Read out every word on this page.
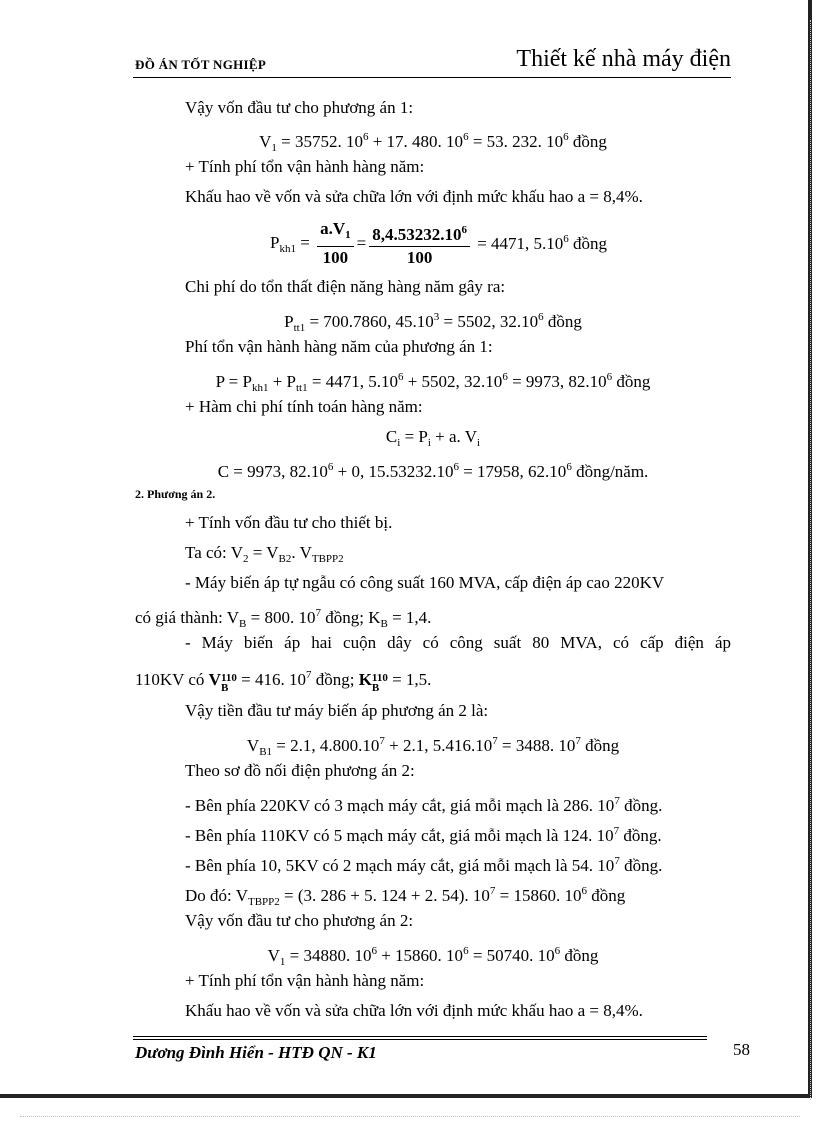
ĐỒ ÁN TỐT NGHIỆP	Thiết kế nhà máy điện
Vậy vốn đầu tư cho phương án 1:
$V_1 = 35752$. $10^6 + 17$. 480. $10^6 = 53$. 232. $10^6$ đồng
+ Tính phí tổn vận hành hàng năm:
Khấu hao về vốn và sửa chữa lớn với định mức khấu hao a = 8,4%.
$P_{kh1} = \frac{a.V_1}{100} = \frac{8,4.53232.10^6}{100} = 4471$, 5.10$^6$ đồng
Chi phí do tổn thất điện năng hàng năm gây ra:
$P_{tt1} = 700.7860$, $45.10^3 = 5502$, 32.10$^6$ đồng
Phí tổn vận hành hàng năm của phương án 1:
$P = P_{kh1} + P_{tt1} = 4471$, $5.10^6 + 5502$, $32.10^6 = 9973$, 82.10$^6$ đồng
+ Hàm chi phí tính toán hàng năm:
$C_i = P_i + a$. $V_i$
C = 9973, $82.10^6 + 0$, $15.53232.10^6 = 17958$, 62.10$^6$ đồng/năm.
2. Phương án 2.
+ Tính vốn đầu tư cho thiết bị.
Ta có: $V_2 = V_{B2}$. $V_{TBPP2}$
- Máy biến áp tự ngẫu có công suất 160 MVA, cấp điện áp cao 220KV
có giá thành: $V_B = 800$. $10^7$ đồng; $K_B = 1,4$.
- Máy biến áp hai cuộn dây có công suất 80 MVA, có cấp điện áp
110KV có V 110
B = 416. $10^7$ đồng; K 110
B = 1,5.
Vậy tiền đầu tư máy biến áp phương án 2 là:
$V_{B1} = 2.1$, $4.800.10^7 + 2.1$, $5.416.10^7 = 3488$. $10^7$ đồng
Theo sơ đồ nối điện phương án 2:
- Bên phía 220KV có 3 mạch máy cắt, giá mỗi mạch là 286. $10^7$ đồng.
- Bên phía 110KV có 5 mạch máy cắt, giá mỗi mạch là 124. $10^7$ đồng.
- Bên phía 10, 5KV có 2 mạch máy cắt, giá mỗi mạch là 54. $10^7$ đồng.
Do đó: $V_{TBPP2} = (3$. 286 + 5. 124 + 2. 54). $10^7 = 15860$. $10^6$ đồng
Vậy vốn đầu tư cho phương án 2:
$V_1 = 34880$. $10^6 + 15860$. $10^6 = 50740$. $10^6$ đồng
+ Tính phí tổn vận hành hàng năm:
Khấu hao về vốn và sửa chữa lớn với định mức khấu hao a = 8,4%.
Dương Đình Hiển - HTĐ QN - K1	58
